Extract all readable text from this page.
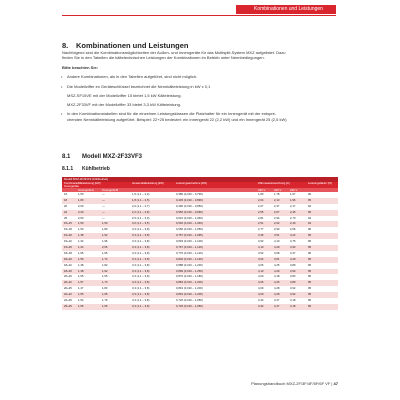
Kombinationen und Leistungen
8. Kombinationen und Leistungen
Nachfolgend sind die Kombinationsmöglichkeiten der Außen- und Innengeräte für das Multisplit-System MXZ aufgelistet. Dazu
finden Sie in den Tabellen die kältetechnischen Leistungen der Kombinationen im Betrieb unter Nennbedingungen.
Bitte beachten Sie:
Andere Kombinationen, als in den Tabellen aufgeführt, sind nicht möglich.
Die Modellziffer im Geräteschlüssel bezeichnet die Nennkälteleistung in kW x 0,1
MSZ-SF15VE mit der Modellziffer 15 bietet 1,5 kW Kälteleistung.
MXZ-2F33VF mit der Modellziffer 33 bietet 3,3 kW Kälteleistung.
In den Kombinationstabellen sind für die einzelnen Leistungsklassen die Platzhalter für ein Innengerät mit der entspre-
chenden Nennkälteleistung aufgeführt. Beispiel: 22+25 bedeutet: ein Innengerät 22 (2,2 kW) und ein Innengerät 25 (2,5 kW)
8.1 Modell MXZ-2F33VF3
8.1.1 Kühlbetrieb
Modell MXZ-2F33VF3 (Kühlbetrieb)
Kombination Innengeräte
Kälteleistung [kW]	Gesamtkälteleistung [kW]	Leistungsaufnahme [kW]	Wärmeaustrauschung [A]	Leistungsfaktor [%]
Innengerät A	Innengerät B	230 V	220 V	240 V
15	1,50	—	1,5 (1,1 – 2,3)	0,380 (0,310 – 0,790)	1,80	1,78	1,67	90
18	1,80	—	1,8 (1,1 – 2,5)	0,445 (0,310 – 0,890)	2,04	2,13	1,96	95
20	2,00	—	2,0 (1,1 – 2,7)	0,490 (0,310 – 0,950)	2,27	2,37	2,17	94
22	2,20	—	2,2 (1,1 – 2,8)	0,560 (0,310 – 0,990)	2,55	2,67	2,45	95
25	2,50	—	2,5 (1,1 – 3,0)	0,610 (0,310 – 1,060)	2,81	2,94	2,70	94
15+15 1,50	1,50	3,0 (1,1 – 3,5)	0,540 (0,310 – 1,040)	2,51	2,62	2,40	94
15+18 1,50	1,80	3,3 (1,1 – 3,8)	0,650 (0,310 – 1,050)	2,77	2,90	2,66	95
15+20 1,38	1,92	3,3 (1,1 – 3,8)	0,767 (0,310 – 1,095)	3,36	3,51	3,22	95
15+22 1,34	1,96	3,3 (1,1 – 3,8)	0,803 (0,310 – 1,100)	3,92	4,10	3,75	95
15+25 1,24	2,06	3,3 (1,1 – 3,8)	0,767 (0,310 – 1,120)	4,10	4,29	3,93	95
18+18 1,65	1,65	3,3 (1,1 – 3,8)	0,770 (0,310 – 1,120)	3,52	3,68	3,37	95
18+20 1,56	1,74	3,3 (1,1 – 3,8)	0,802 (0,310 – 1,130)	3,64	3,81	3,49	95
18+22 1,48	1,82	3,3 (1,1 – 3,8)	0,888 (0,310 – 1,200)	4,06	4,25	3,89	95
18+25 1,38	1,92	3,3 (1,1 – 3,8)	0,896 (0,310 – 1,250)	4,10	4,29	3,93	95
20+20 1,65	1,65	3,3 (1,1 – 3,8)	0,870 (0,310 – 1,180)	4,00	4,18	3,83	95
20+22 1,57	1,73	3,3 (1,1 – 3,8)	0,884 (0,310 – 1,200)	4,06	4,25	3,89	95
20+25 1,47	1,83	3,3 (1,1 – 3,8)	0,891 (0,310 – 1,200)	4,09	4,28	3,92	95
22+22 1,65	1,65	3,3 (1,1 – 3,8)	0,891 (0,310 – 1,200)	4,09	4,28	3,92	95
22+25 1,54	1,76	3,3 (1,1 – 3,8)	0,726 (0,310 – 1,050)	3,32	3,47	3,18	95
25+25 1,65	1,65	3,3 (1,1 – 3,8)	0,726 (0,310 – 1,050)	3,32	3,47	3,18	95
Planungshandbuch MXZ-2F/3F/4F/5F/6F VF | 47
